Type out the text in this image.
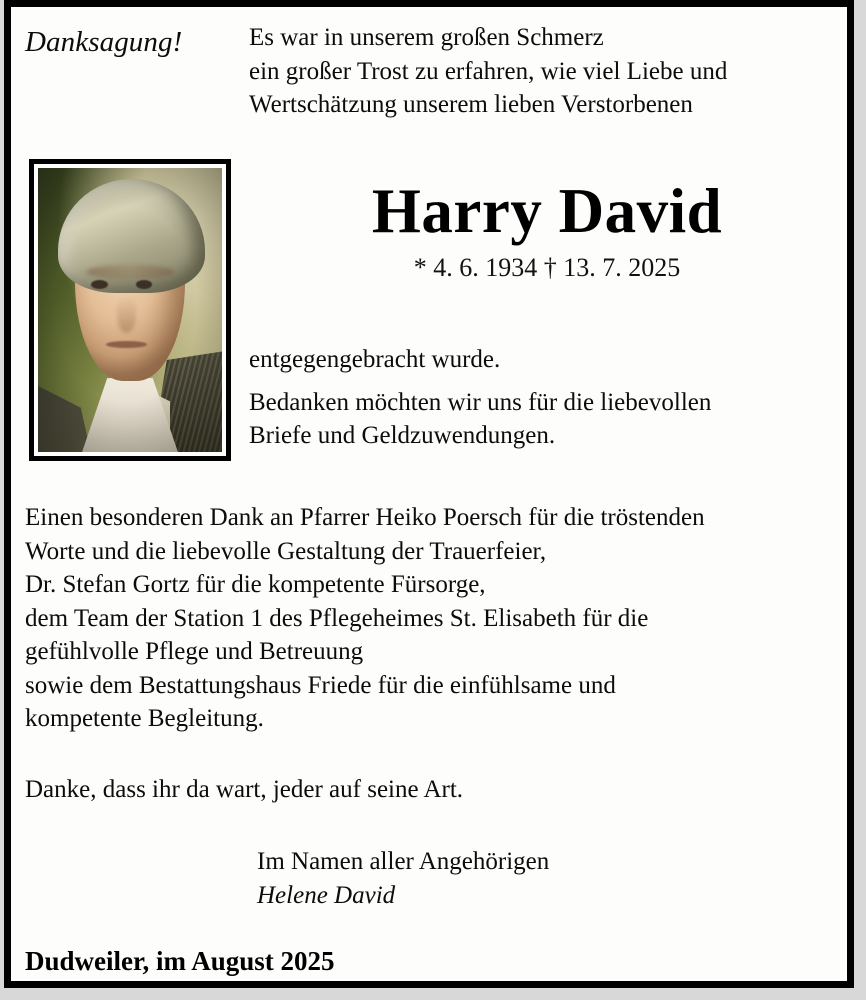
Danksagung!	Es war in unserem großen Schmerz
ein großer Trost zu erfahren, wie viel Liebe und
Wertschätzung unserem lieben Verstorbenen
Harry David
* 4. 6. 1934 † 13. 7. 2025
entgegengebracht wurde.
Bedanken möchten wir uns für die liebevollen
Briefe und Geldzuwendungen.
Einen besonderen Dank an Pfarrer Heiko Poersch für die tröstenden
Worte und die liebevolle Gestaltung der Trauerfeier,
Dr. Stefan Gortz für die kompetente Fürsorge,
dem Team der Station 1 des Pflegeheimes St. Elisabeth für die
gefühlvolle Pflege und Betreuung
sowie dem Bestattungshaus Friede für die einfühlsame und
kompetente Begleitung.
Danke, dass ihr da wart, jeder auf seine Art.
Im Namen aller Angehörigen
Helene David
Dudweiler, im August 2025
